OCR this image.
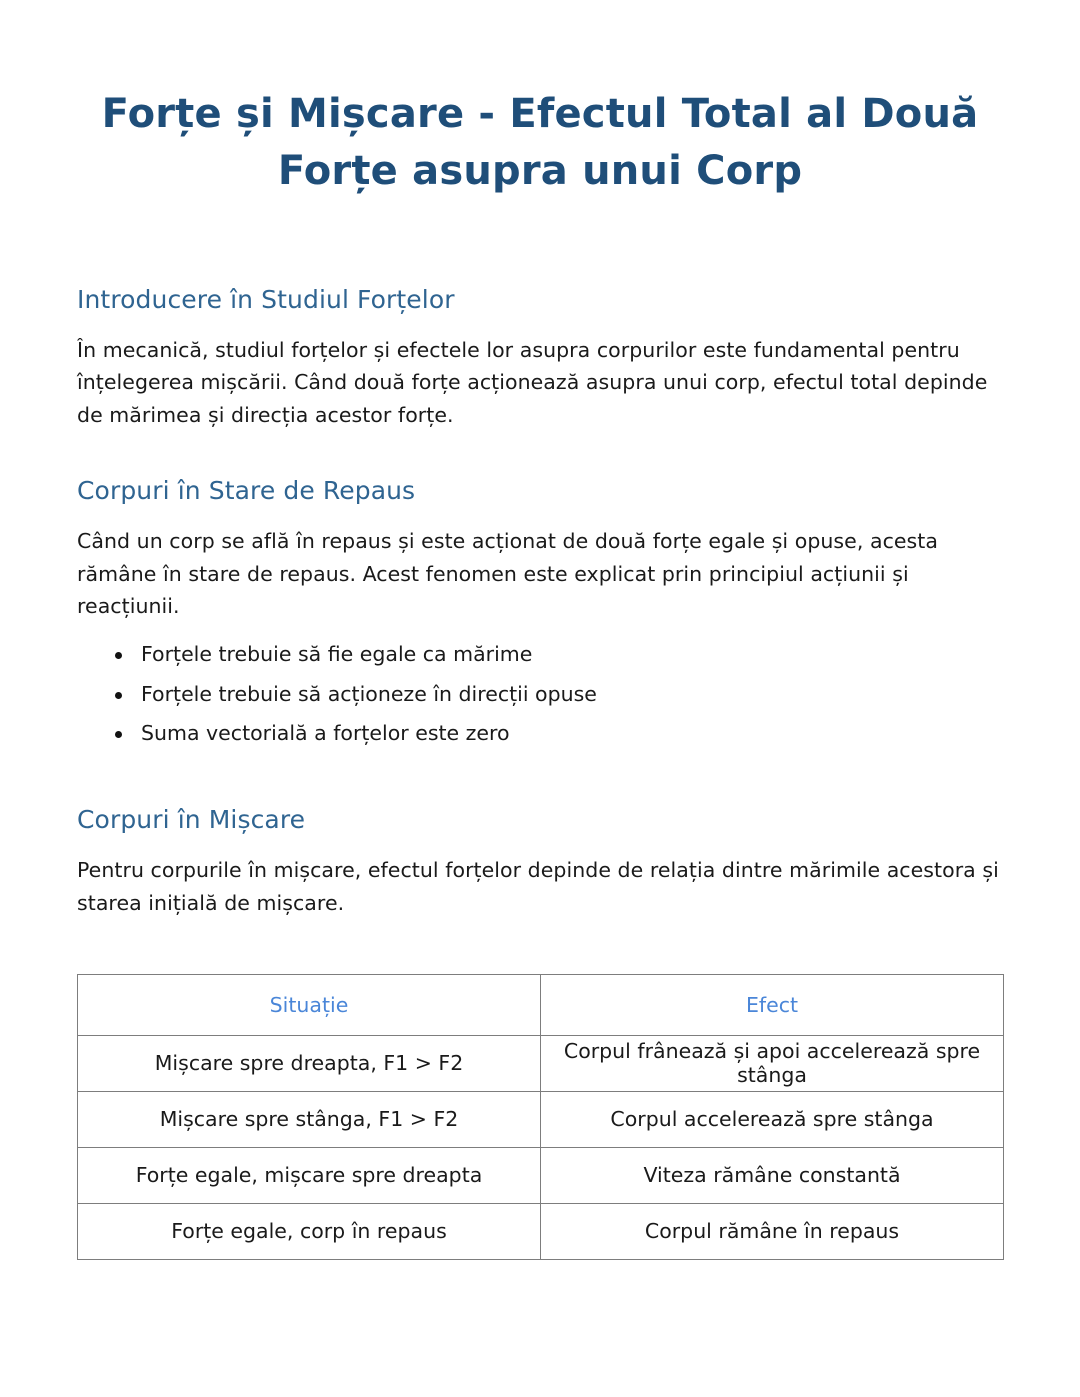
Forțe și Mișcare - Efectul Total al Două Forțe asupra unui Corp
Introducere în Studiul Forțelor

În mecanică, studiul forțelor și efectele lor asupra corpurilor este fundamental pentru înțelegerea mișcării. Când două forțe acționează asupra unui corp, efectul total depinde de mărimea și direcția acestor forțe.

Corpuri în Stare de Repaus

Când un corp se află în repaus și este acționat de două forțe egale și opuse, acesta rămâne în stare de repaus. Acest fenomen este explicat prin principiul acțiunii și reacțiunii.

Forțele trebuie să fie egale ca mărime
Forțele trebuie să acționeze în direcții opuse
Suma vectorială a forțelor este zero
Corpuri în Mișcare

Pentru corpurile în mișcare, efectul forțelor depinde de relația dintre mărimile acestora și starea inițială de mișcare.

Situație	Efect
Mișcare spre dreapta, F1 > F2	Corpul frânează și apoi accelerează spre stânga
Mișcare spre stânga, F1 > F2	Corpul accelerează spre stânga
Forțe egale, mișcare spre dreapta	Viteza rămâne constantă
Forțe egale, corp în repaus	Corpul rămâne în repaus
